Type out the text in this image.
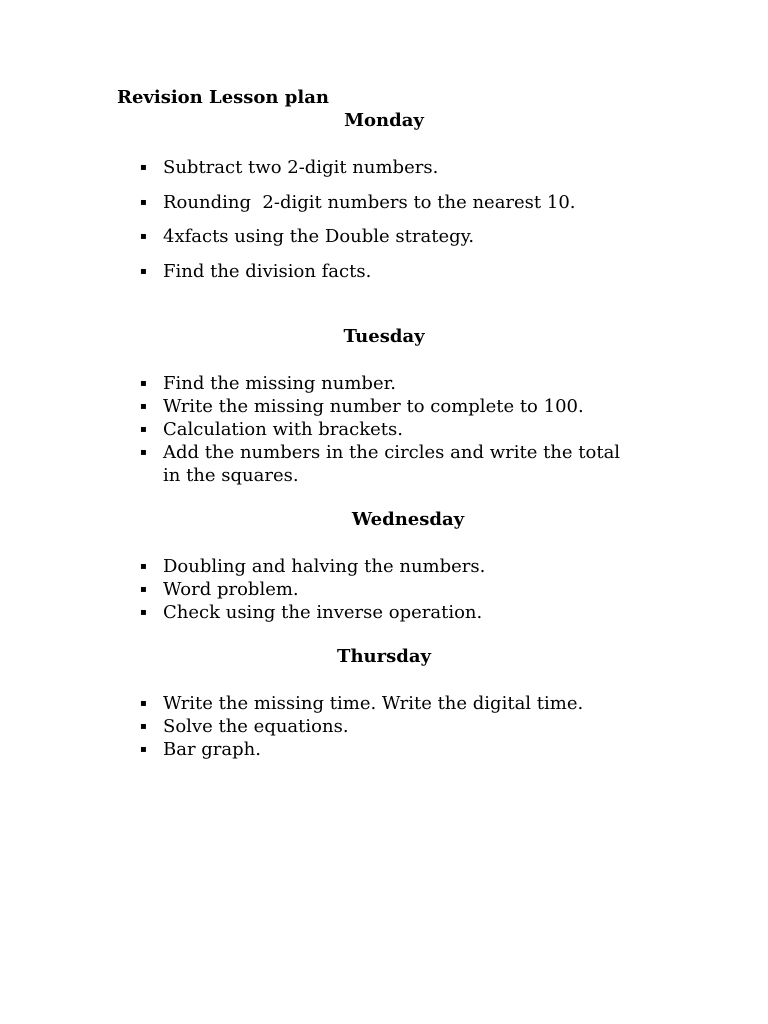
Revision Lesson plan
Monday
▪ Subtract two 2-digit numbers.
▪ Rounding  2-digit numbers to the nearest 10.
▪ 4xfacts using the Double strategy.
▪ Find the division facts.
Tuesday
▪ Find the missing number.
▪ Write the missing number to complete to 100.
▪ Calculation with brackets.
▪ Add the numbers in the circles and write the total in the squares.
Wednesday
▪ Doubling and halving the numbers.
▪ Word problem.
▪ Check using the inverse operation.
Thursday
▪ Write the missing time. Write the digital time.
▪ Solve the equations.
▪ Bar graph.
